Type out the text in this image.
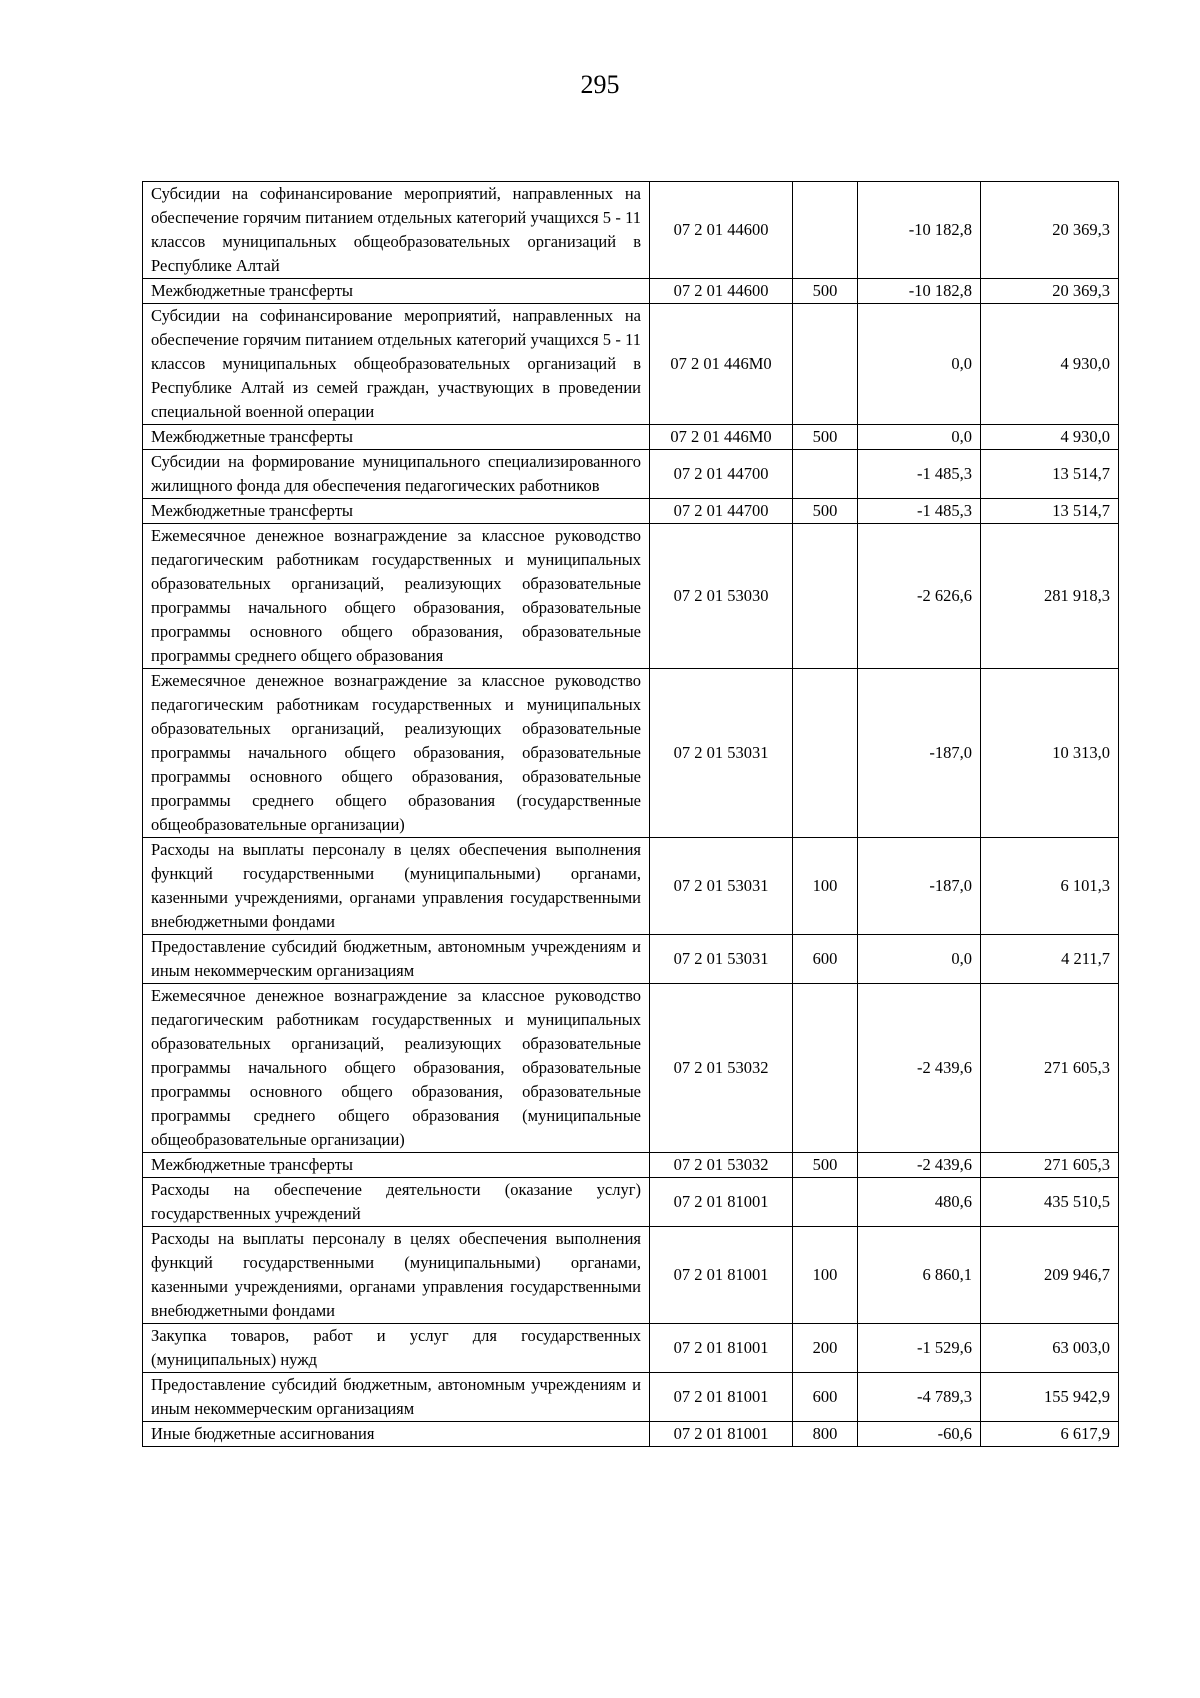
295
Субсидии на софинансирование мероприятий, направленных на обеспечение горячим питанием отдельных категорий учащихся 5 - 11 классов муниципальных общеобразовательных организаций в Республике Алтай	07 2 01 44600		-10 182,8	20 369,3
Межбюджетные трансферты	07 2 01 44600	500	-10 182,8	20 369,3
Субсидии на софинансирование мероприятий, направленных на обеспечение горячим питанием отдельных категорий учащихся 5 - 11 классов муниципальных общеобразовательных организаций в Республике Алтай из семей граждан, участвующих в проведении специальной военной операции	07 2 01 446М0		0,0	4 930,0
Межбюджетные трансферты	07 2 01 446М0	500	0,0	4 930,0
Субсидии на формирование муниципального специализированного жилищного фонда для обеспечения педагогических работников	07 2 01 44700		-1 485,3	13 514,7
Межбюджетные трансферты	07 2 01 44700	500	-1 485,3	13 514,7
Ежемесячное денежное вознаграждение за классное руководство педагогическим работникам государственных и муниципальных образовательных организаций, реализующих образовательные программы начального общего образования, образовательные программы основного общего образования, образовательные программы среднего общего образования	07 2 01 53030		-2 626,6	281 918,3
Ежемесячное денежное вознаграждение за классное руководство педагогическим работникам государственных и муниципальных образовательных организаций, реализующих образовательные программы начального общего образования, образовательные программы основного общего образования, образовательные программы среднего общего образования (государственные общеобразовательные организации)	07 2 01 53031		-187,0	10 313,0
Расходы на выплаты персоналу в целях обеспечения выполнения функций государственными (муниципальными) органами, казенными учреждениями, органами управления государственными внебюджетными фондами	07 2 01 53031	100	-187,0	6 101,3
Предоставление субсидий бюджетным, автономным учреждениям и иным некоммерческим организациям	07 2 01 53031	600	0,0	4 211,7
Ежемесячное денежное вознаграждение за классное руководство педагогическим работникам государственных и муниципальных образовательных организаций, реализующих образовательные программы начального общего образования, образовательные программы основного общего образования, образовательные программы среднего общего образования (муниципальные общеобразовательные организации)	07 2 01 53032		-2 439,6	271 605,3
Межбюджетные трансферты	07 2 01 53032	500	-2 439,6	271 605,3
Расходы на обеспечение деятельности (оказание услуг) государственных учреждений	07 2 01 81001		480,6	435 510,5
Расходы на выплаты персоналу в целях обеспечения выполнения функций государственными (муниципальными) органами, казенными учреждениями, органами управления государственными внебюджетными фондами	07 2 01 81001	100	6 860,1	209 946,7
Закупка товаров, работ и услуг для государственных (муниципальных) нужд	07 2 01 81001	200	-1 529,6	63 003,0
Предоставление субсидий бюджетным, автономным учреждениям и иным некоммерческим организациям	07 2 01 81001	600	-4 789,3	155 942,9
Иные бюджетные ассигнования	07 2 01 81001	800	-60,6	6 617,9
